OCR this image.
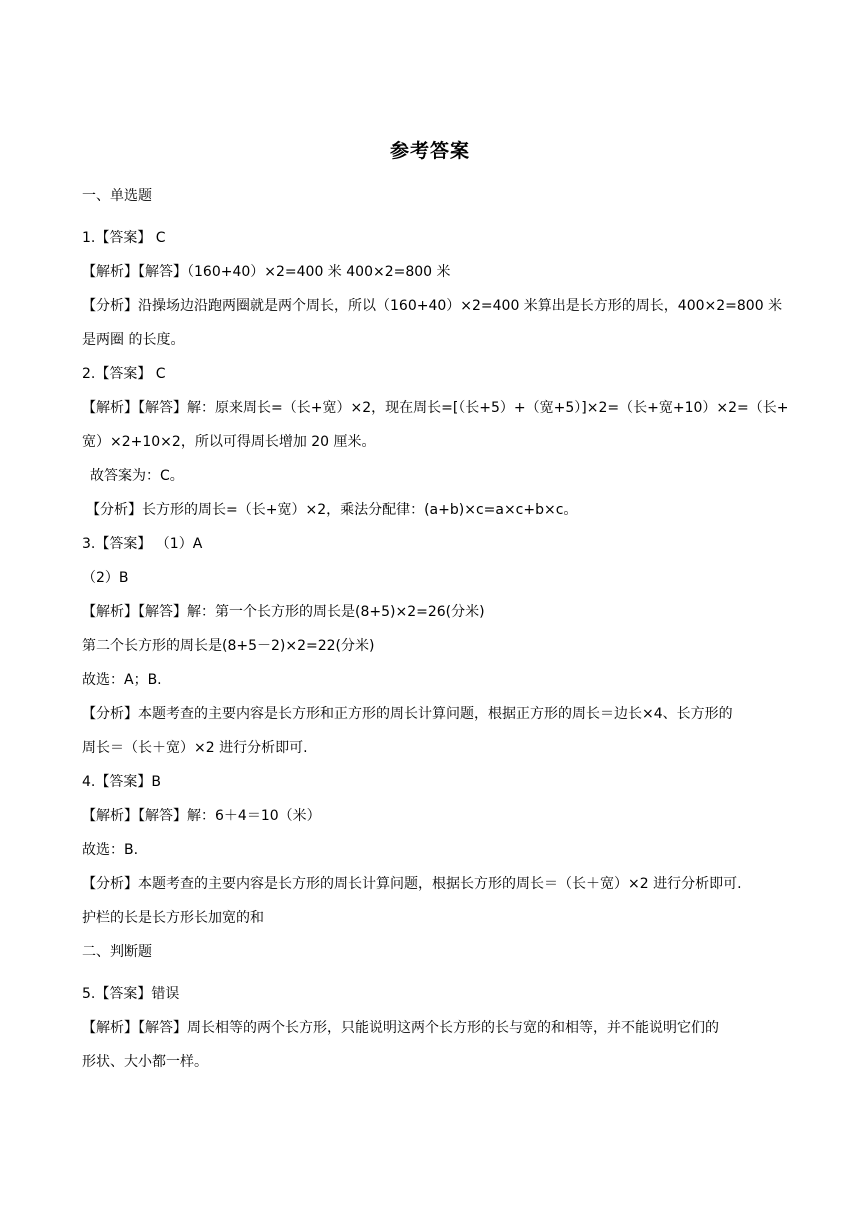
参考答案
一、单选题
1.【答案】 C
【解析】【解答】（160+40）×2=400 米 400×2=800 米
【分析】沿操场边沿跑两圈就是两个周长，所以（160+40）×2=400 米算出是长方形的周长，400×2=800 米
是两圈 的长度。
2.【答案】 C
【解析】【解答】解：原来周长=（长+宽）×2，现在周长=[（长+5）+（宽+5）]×2=（长+宽+10）×2=（长+
宽）×2+10×2，所以可得周长增加 20 厘米。
故答案为：C。
【分析】长方形的周长=（长+宽）×2，乘法分配律：(a+b)×c=a×c+b×c。
3.【答案】 （1）A
（2）B
【解析】【解答】解：第一个长方形的周长是(8+5)×2=26(分米)
第二个长方形的周长是(8+5－2)×2=22(分米)
故选：A；B.
【分析】本题考查的主要内容是长方形和正方形的周长计算问题，根据正方形的周长＝边长×4、长方形的
周长＝（长＋宽）×2 进行分析即可.
4.【答案】B
【解析】【解答】解：6＋4＝10（米）
故选：B.
【分析】本题考查的主要内容是长方形的周长计算问题，根据长方形的周长＝（长＋宽）×2 进行分析即可.
护栏的长是长方形长加宽的和
二、判断题
5.【答案】错误
【解析】【解答】周长相等的两个长方形，只能说明这两个长方形的长与宽的和相等，并不能说明它们的
形状、大小都一样。
